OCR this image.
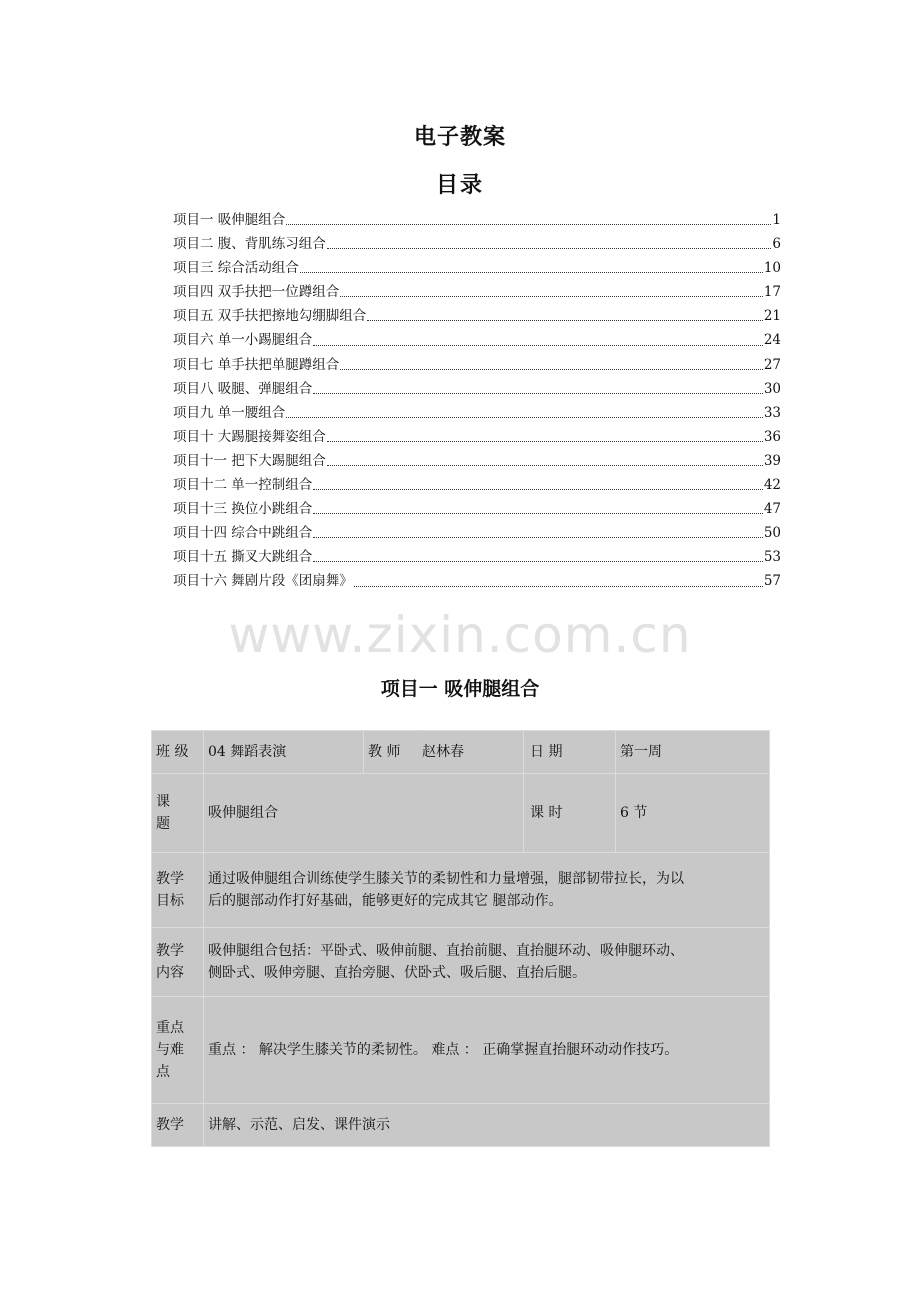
电子教案
目录
项目一 吸伸腿组合	1
项目二 腹、背肌练习组合	6
项目三 综合活动组合	10
项目四 双手扶把一位蹲组合	17
项目五 双手扶把擦地勾绷脚组合	21
项目六 单一小踢腿组合	24
项目七 单手扶把单腿蹲组合	27
项目八 吸腿、弹腿组合	30
项目九 单一腰组合	33
项目十 大踢腿接舞姿组合	36
项目十一 把下大踢腿组合	39
项目十二 单一控制组合	42
项目十三 换位小跳组合	47
项目十四 综合中跳组合	50
项目十五 撕叉大跳组合	53
项目十六 舞剧片段《团扇舞》	57
www.zixin.com.cn
项目一 吸伸腿组合
班 级	04 舞蹈表演	教 师	赵林春	日 期	第一周
课
题	吸伸腿组合			课 时	6 节
教学
目标	通过吸伸腿组合训练使学生膝关节的柔韧性和力量增强，腿部韧带拉长，为以
后的腿部动作打好基础，能够更好的完成其它 腿部动作。				
教学
内容	吸伸腿组合包括：平卧式、吸伸前腿、直抬前腿、直抬腿环动、吸伸腿环动、
侧卧式、吸伸旁腿、直抬旁腿、伏卧式、吸后腿、直抬后腿。				
重点
与难
点	重点 ： 解决学生膝关节的柔韧性。 难点 ： 正确掌握直抬腿环动动作技巧。				
教学	讲解、示范、启发、课件演示				
